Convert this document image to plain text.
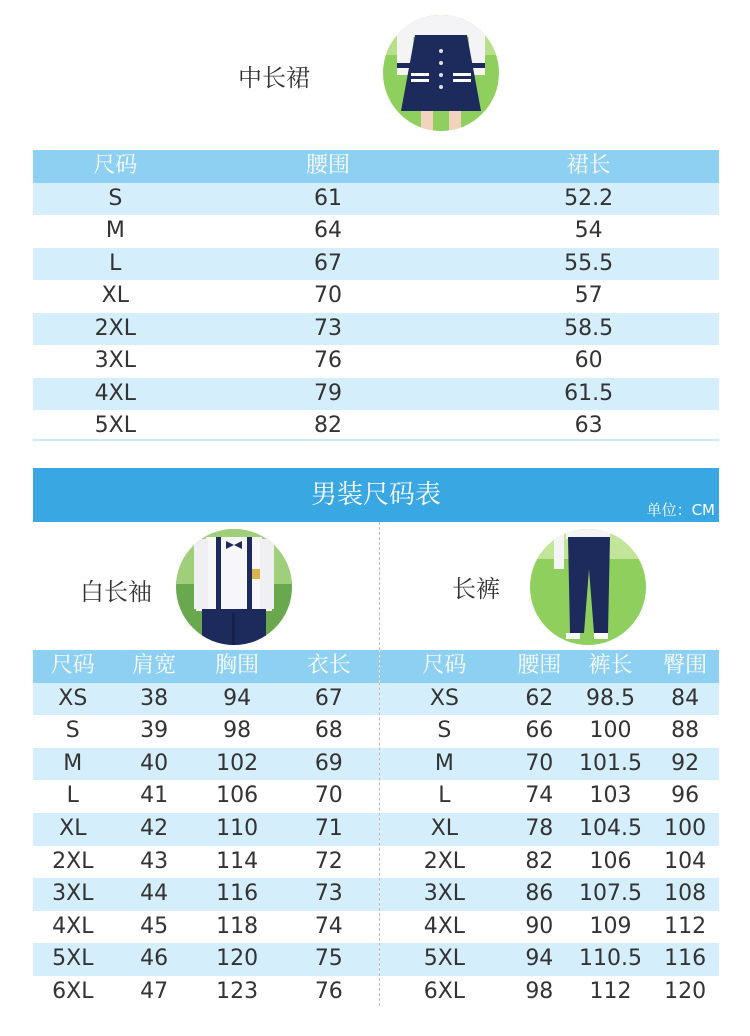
中长裙
尺码	腰围	裙长
S	61	52.2
M	64	54
L	67	55.5
XL	70	57
2XL	73	58.5
3XL	76	60
4XL	79	61.5
5XL	82	63
男装尺码表	单位：CM
白长袖	长裤
尺码	肩宽	胸围	衣长
XS	38	94	67
S	39	98	68
M	40	102	69
L	41	106	70
XL	42	110	71
2XL	43	114	72
3XL	44	116	73
4XL	45	118	74
5XL	46	120	75
6XL	47	123	76
尺码	腰围	裤长	臀围
XS	62	98.5	84
S	66	100	88
M	70	101.5	92
L	74	103	96
XL	78	104.5	100
2XL	82	106	104
3XL	86	107.5	108
4XL	90	109	112
5XL	94	110.5	116
6XL	98	112	120
